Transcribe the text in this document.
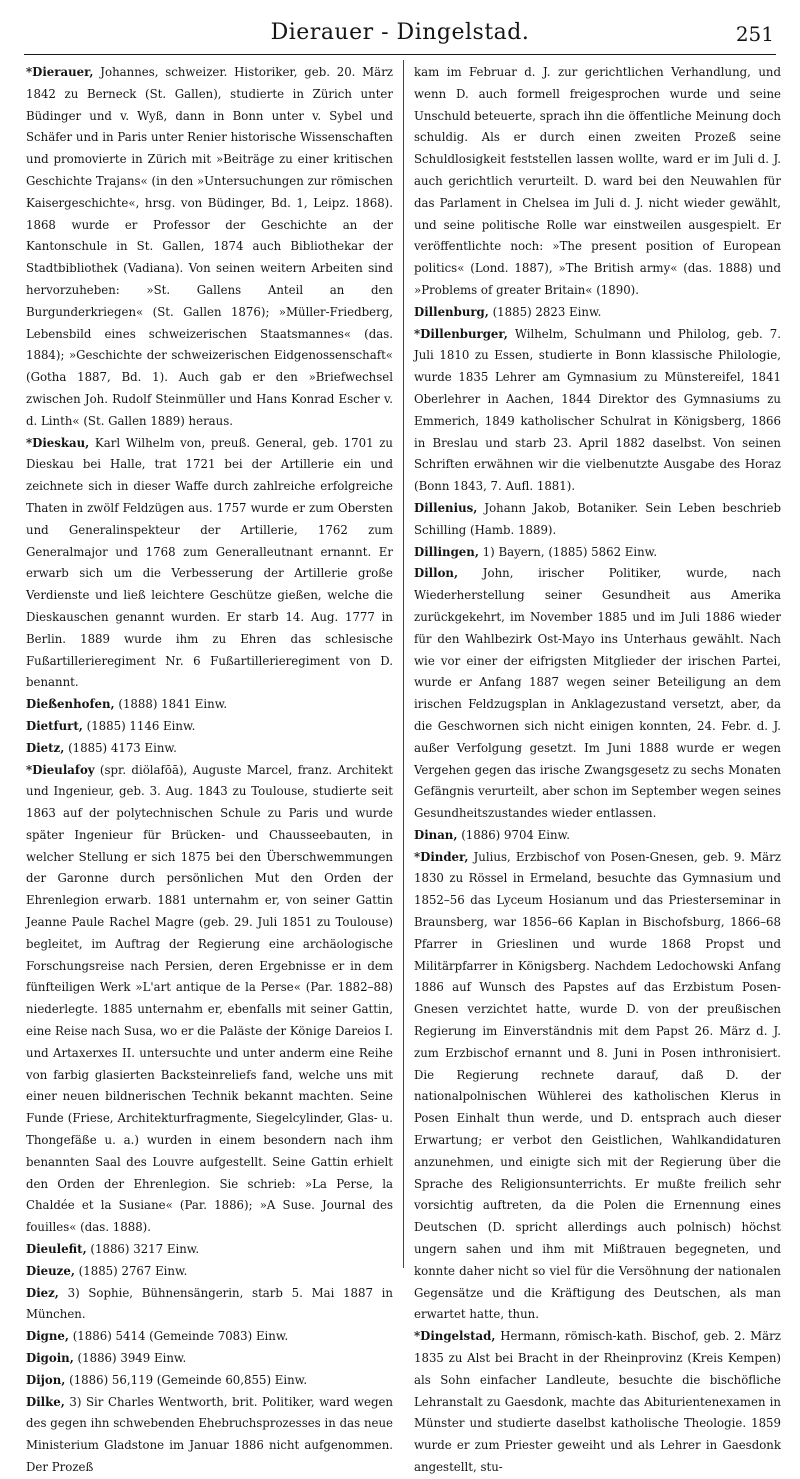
Dierauer - Dingelstad.	251

*Dierauer, Johannes, schweizer. Historiker, geb. 20. März 1842 zu Berneck (St. Gallen), studierte in Zürich unter Büdinger und v. Wyß, dann in Bonn unter v. Sybel und Schäfer und in Paris unter Renier historische Wissenschaften und promovierte in Zürich mit »Beiträge zu einer kritischen Geschichte Trajans« (in den »Untersuchungen zur römischen Kaisergeschichte«, hrsg. von Büdinger, Bd. 1, Leipz. 1868). 1868 wurde er Professor der Geschichte an der Kantonschule in St. Gallen, 1874 auch Bibliothekar der Stadtbibliothek (Vadiana). Von seinen weitern Arbeiten sind hervorzuheben: »St. Gallens Anteil an den Burgunderkriegen« (St. Gallen 1876); »Müller-Friedberg, Lebensbild eines schweizerischen Staatsmannes« (das. 1884); »Geschichte der schweizerischen Eidgenossenschaft« (Gotha 1887, Bd. 1). Auch gab er den »Briefwechsel zwischen Joh. Rudolf Steinmüller und Hans Konrad Escher v. d. Linth« (St. Gallen 1889) heraus.

*Dieskau, Karl Wilhelm von, preuß. General, geb. 1701 zu Dieskau bei Halle, trat 1721 bei der Artillerie ein und zeichnete sich in dieser Waffe durch zahlreiche erfolgreiche Thaten in zwölf Feldzügen aus. 1757 wurde er zum Obersten und Generalinspekteur der Artillerie, 1762 zum Generalmajor und 1768 zum Generalleutnant ernannt. Er erwarb sich um die Verbesserung der Artillerie große Verdienste und ließ leichtere Geschütze gießen, welche die Dieskauschen genannt wurden. Er starb 14. Aug. 1777 in Berlin. 1889 wurde ihm zu Ehren das schlesische Fußartillerieregiment Nr. 6 Fußartillerieregiment von D. benannt.

Dießenhofen, (1888) 1841 Einw.

Dietfurt, (1885) 1146 Einw.

Dietz, (1885) 4173 Einw.

*Dieulafoy (spr. diölafōā), Auguste Marcel, franz. Architekt und Ingenieur, geb. 3. Aug. 1843 zu Toulouse, studierte seit 1863 auf der polytechnischen Schule zu Paris und wurde später Ingenieur für Brücken- und Chausseebauten, in welcher Stellung er sich 1875 bei den Überschwemmungen der Garonne durch persönlichen Mut den Orden der Ehrenlegion erwarb. 1881 unternahm er, von seiner Gattin Jeanne Paule Rachel Magre (geb. 29. Juli 1851 zu Toulouse) begleitet, im Auftrag der Regierung eine archäologische Forschungsreise nach Persien, deren Ergebnisse er in dem fünfteiligen Werk »L'art antique de la Perse« (Par. 1882–88) niederlegte. 1885 unternahm er, ebenfalls mit seiner Gattin, eine Reise nach Susa, wo er die Paläste der Könige Dareios I. und Artaxerxes II. untersuchte und unter anderm eine Reihe von farbig glasierten Backsteinreliefs fand, welche uns mit einer neuen bildnerischen Technik bekannt machten. Seine Funde (Friese, Architekturfragmente, Siegelcylinder, Glas- u. Thongefäße u. a.) wurden in einem besondern nach ihm benannten Saal des Louvre aufgestellt. Seine Gattin erhielt den Orden der Ehrenlegion. Sie schrieb: »La Perse, la Chaldée et la Susiane« (Par. 1886); »A Suse. Journal des fouilles« (das. 1888).

Dieulefit, (1886) 3217 Einw.

Dieuze, (1885) 2767 Einw.

Diez, 3) Sophie, Bühnensängerin, starb 5. Mai 1887 in München.

Digne, (1886) 5414 (Gemeinde 7083) Einw.

Digoin, (1886) 3949 Einw.

Dijon, (1886) 56,119 (Gemeinde 60,855) Einw.

Dilke, 3) Sir Charles Wentworth, brit. Politiker, ward wegen des gegen ihn schwebenden Ehebruchsprozesses in das neue Ministerium Gladstone im Januar 1886 nicht aufgenommen. Der Prozeß

kam im Februar d. J. zur gerichtlichen Verhandlung, und wenn D. auch formell freigesprochen wurde und seine Unschuld beteuerte, sprach ihn die öffentliche Meinung doch schuldig. Als er durch einen zweiten Prozeß seine Schuldlosigkeit feststellen lassen wollte, ward er im Juli d. J. auch gerichtlich verurteilt. D. ward bei den Neuwahlen für das Parlament in Chelsea im Juli d. J. nicht wieder gewählt, und seine politische Rolle war einstweilen ausgespielt. Er veröffentlichte noch: »The present position of European politics« (Lond. 1887), »The British army« (das. 1888) und »Problems of greater Britain« (1890).

Dillenburg, (1885) 2823 Einw.

*Dillenburger, Wilhelm, Schulmann und Philolog, geb. 7. Juli 1810 zu Essen, studierte in Bonn klassische Philologie, wurde 1835 Lehrer am Gymnasium zu Münstereifel, 1841 Oberlehrer in Aachen, 1844 Direktor des Gymnasiums zu Emmerich, 1849 katholischer Schulrat in Königsberg, 1866 in Breslau und starb 23. April 1882 daselbst. Von seinen Schriften erwähnen wir die vielbenutzte Ausgabe des Horaz (Bonn 1843, 7. Aufl. 1881).

Dillenius, Johann Jakob, Botaniker. Sein Leben beschrieb Schilling (Hamb. 1889).

Dillingen, 1) Bayern, (1885) 5862 Einw.

Dillon, John, irischer Politiker, wurde, nach Wiederherstellung seiner Gesundheit aus Amerika zurückgekehrt, im November 1885 und im Juli 1886 wieder für den Wahlbezirk Ost-Mayo ins Unterhaus gewählt. Nach wie vor einer der eifrigsten Mitglieder der irischen Partei, wurde er Anfang 1887 wegen seiner Beteiligung an dem irischen Feldzugsplan in Anklagezustand versetzt, aber, da die Geschwornen sich nicht einigen konnten, 24. Febr. d. J. außer Verfolgung gesetzt. Im Juni 1888 wurde er wegen Vergehen gegen das irische Zwangsgesetz zu sechs Monaten Gefängnis verurteilt, aber schon im September wegen seines Gesundheitszustandes wieder entlassen.

Dinan, (1886) 9704 Einw.

*Dinder, Julius, Erzbischof von Posen-Gnesen, geb. 9. März 1830 zu Rössel in Ermeland, besuchte das Gymnasium und 1852–56 das Lyceum Hosianum und das Priesterseminar in Braunsberg, war 1856–66 Kaplan in Bischofsburg, 1866–68 Pfarrer in Grieslinen und wurde 1868 Propst und Militärpfarrer in Königsberg. Nachdem Ledochowski Anfang 1886 auf Wunsch des Papstes auf das Erzbistum Posen-Gnesen verzichtet hatte, wurde D. von der preußischen Regierung im Einverständnis mit dem Papst 26. März d. J. zum Erzbischof ernannt und 8. Juni in Posen inthronisiert. Die Regierung rechnete darauf, daß D. der nationalpolnischen Wühlerei des katholischen Klerus in Posen Einhalt thun werde, und D. entsprach auch dieser Erwartung; er verbot den Geistlichen, Wahlkandidaturen anzunehmen, und einigte sich mit der Regierung über die Sprache des Religionsunterrichts. Er mußte freilich sehr vorsichtig auftreten, da die Polen die Ernennung eines Deutschen (D. spricht allerdings auch polnisch) höchst ungern sahen und ihm mit Mißtrauen begegneten, und konnte daher nicht so viel für die Versöhnung der nationalen Gegensätze und die Kräftigung des Deutschen, als man erwartet hatte, thun.

*Dingelstad, Hermann, römisch-kath. Bischof, geb. 2. März 1835 zu Alst bei Bracht in der Rheinprovinz (Kreis Kempen) als Sohn einfacher Landleute, besuchte die bischöfliche Lehranstalt zu Gaesdonk, machte das Abiturientenexamen in Münster und studierte daselbst katholische Theologie. 1859 wurde er zum Priester geweiht und als Lehrer in Gaesdonk angestellt, stu-
